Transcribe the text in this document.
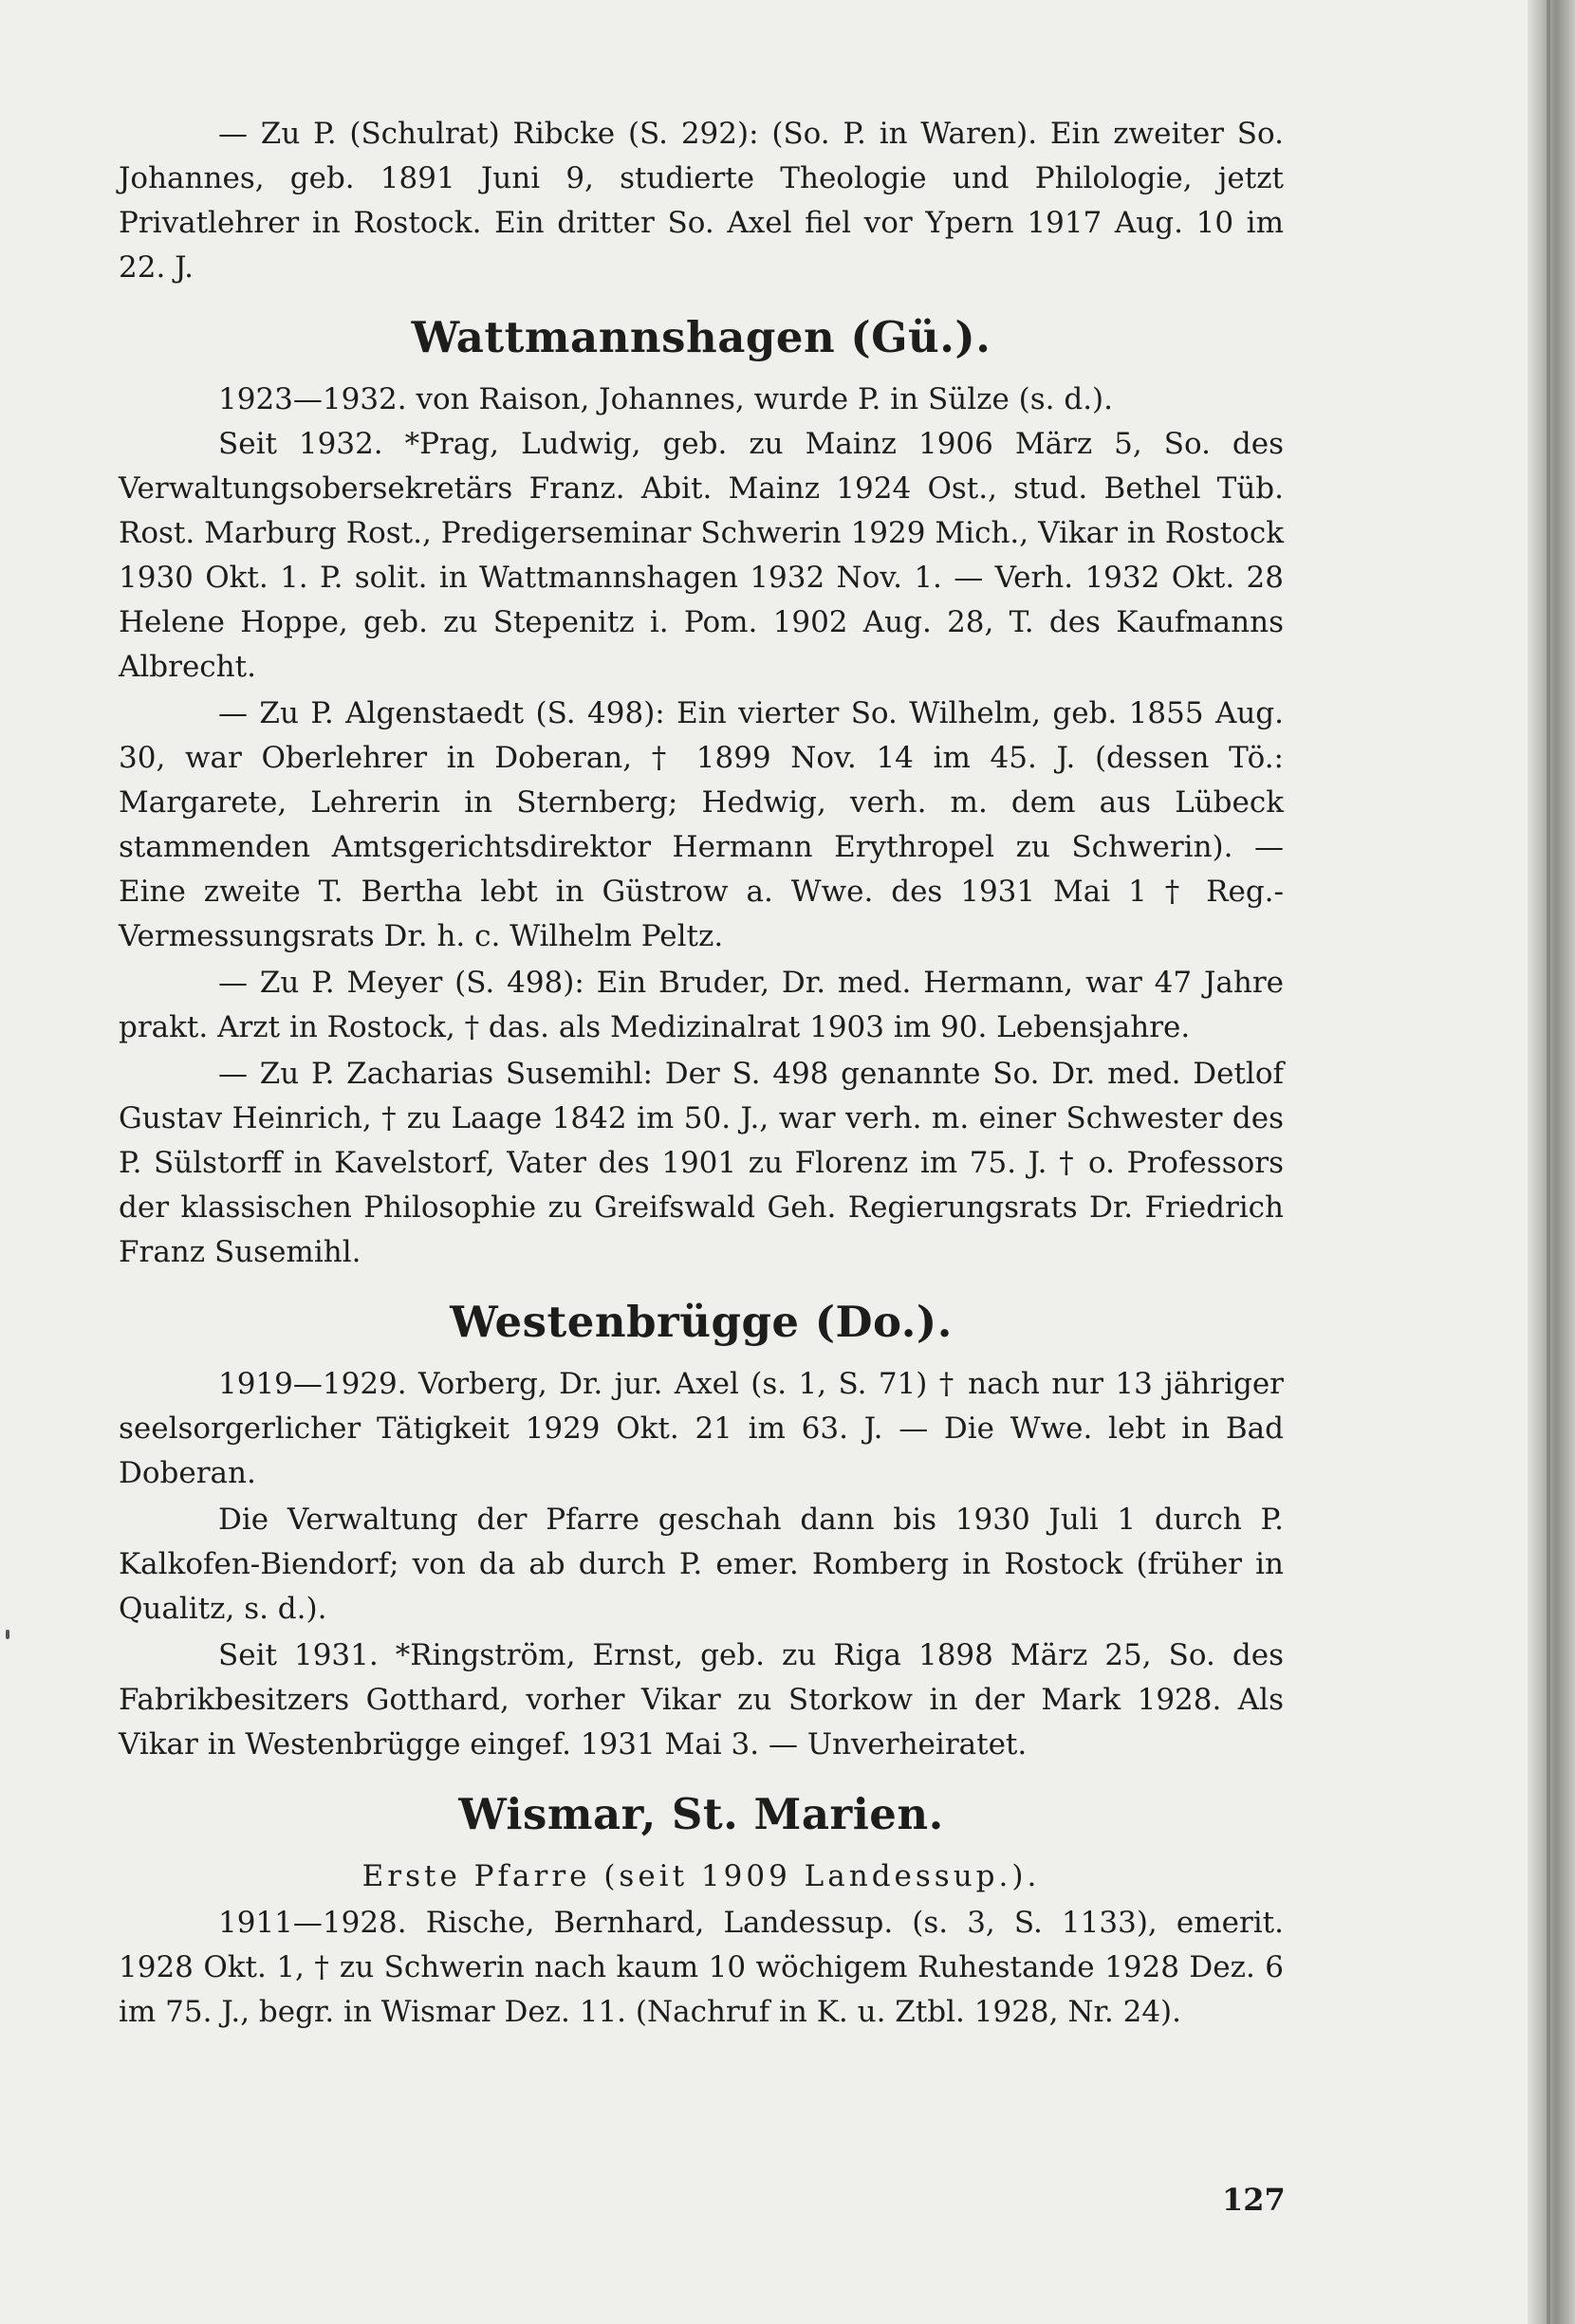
— Zu P. (Schulrat) Ribcke (S. 292): (So. P. in Waren). Ein zweiter So. Johannes, geb. 1891 Juni 9, studierte Theologie und Philologie, jetzt Privatlehrer in Rostock. Ein dritter So. Axel fiel vor Ypern 1917 Aug. 10 im 22. J.

Wattmannshagen (Gü.).

1923—1932. von Raison, Johannes, wurde P. in Sülze (s. d.).

Seit 1932. *Prag, Ludwig, geb. zu Mainz 1906 März 5, So. des Verwaltungsobersekretärs Franz. Abit. Mainz 1924 Ost., stud. Bethel Tüb. Rost. Marburg Rost., Predigerseminar Schwerin 1929 Mich., Vikar in Rostock 1930 Okt. 1. P. solit. in Wattmannshagen 1932 Nov. 1. — Verh. 1932 Okt. 28 Helene Hoppe, geb. zu Stepenitz i. Pom. 1902 Aug. 28, T. des Kaufmanns Albrecht.

— Zu P. Algenstaedt (S. 498): Ein vierter So. Wilhelm, geb. 1855 Aug. 30, war Oberlehrer in Doberan, † 1899 Nov. 14 im 45. J. (dessen Tö.: Margarete, Lehrerin in Sternberg; Hedwig, verh. m. dem aus Lübeck stammenden Amtsgerichtsdirektor Hermann Erythropel zu Schwerin). — Eine zweite T. Bertha lebt in Güstrow a. Wwe. des 1931 Mai 1 † Reg.-Vermessungsrats Dr. h. c. Wilhelm Peltz.

— Zu P. Meyer (S. 498): Ein Bruder, Dr. med. Hermann, war 47 Jahre prakt. Arzt in Rostock, † das. als Medizinalrat 1903 im 90. Lebensjahre.

— Zu P. Zacharias Susemihl: Der S. 498 genannte So. Dr. med. Detlof Gustav Heinrich, † zu Laage 1842 im 50. J., war verh. m. einer Schwester des P. Sülstorff in Kavelstorf, Vater des 1901 zu Florenz im 75. J. † o. Professors der klassischen Philosophie zu Greifswald Geh. Regierungsrats Dr. Friedrich Franz Susemihl.

Westenbrügge (Do.).

1919—1929. Vorberg, Dr. jur. Axel (s. 1, S. 71) † nach nur 13 jähriger seelsorgerlicher Tätigkeit 1929 Okt. 21 im 63. J. — Die Wwe. lebt in Bad Doberan.

Die Verwaltung der Pfarre geschah dann bis 1930 Juli 1 durch P. Kalkofen-Biendorf; von da ab durch P. emer. Romberg in Rostock (früher in Qualitz, s. d.).

Seit 1931. *Ringström, Ernst, geb. zu Riga 1898 März 25, So. des Fabrikbesitzers Gotthard, vorher Vikar zu Storkow in der Mark 1928. Als Vikar in Westenbrügge eingef. 1931 Mai 3. — Unverheiratet.

Wismar, St. Marien.
Erste Pfarre (seit 1909 Landessup.).

1911—1928. Rische, Bernhard, Landessup. (s. 3, S. 1133), emerit. 1928 Okt. 1, † zu Schwerin nach kaum 10 wöchigem Ruhestande 1928 Dez. 6 im 75. J., begr. in Wismar Dez. 11. (Nachruf in K. u. Ztbl. 1928, Nr. 24).

127
